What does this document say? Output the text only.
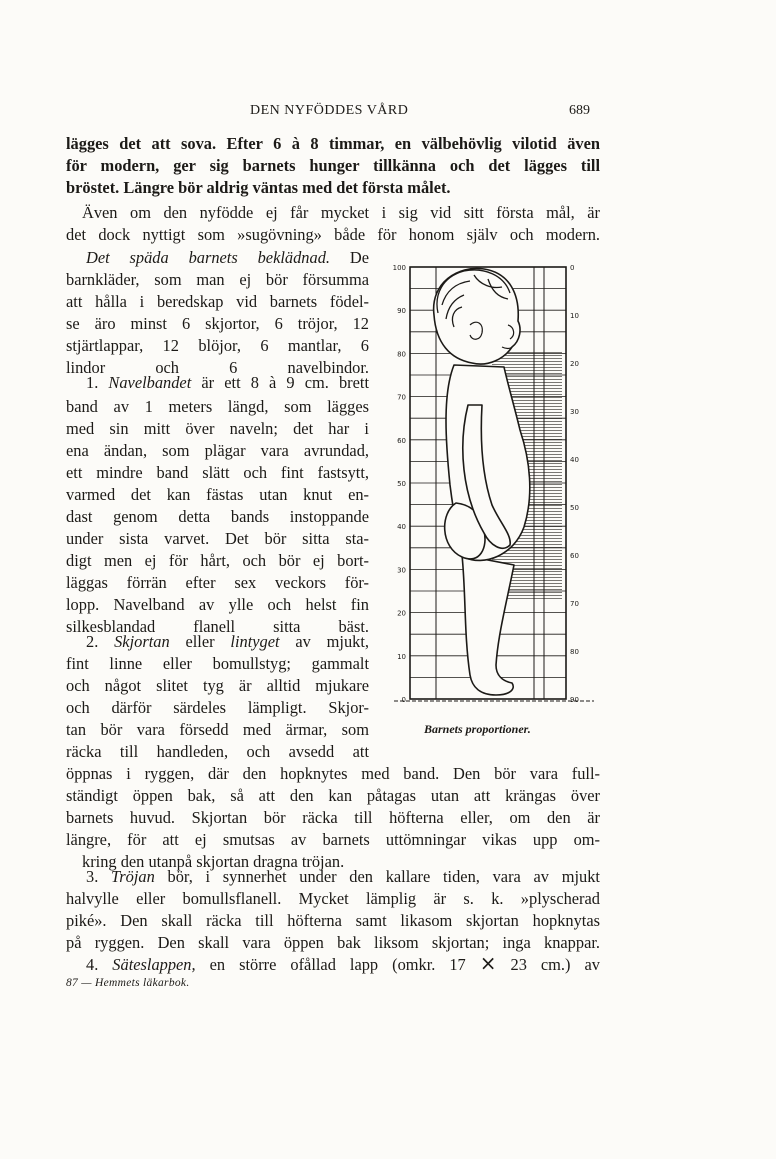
DEN NYFÖDDES VÅRD	689
lägges det att sova. Efter 6 à 8 timmar, en välbehövlig vilotid även
för modern, ger sig barnets hunger tillkänna och det lägges till
bröstet. Längre bör aldrig väntas med det första målet.
Även om den nyfödde ej får mycket i sig vid sitt första mål, är
det dock nyttigt som »sugövning» både för honom själv och modern.
Det späda barnets beklädnad. De
barnkläder, som man ej bör försumma
att hålla i beredskap vid barnets födel-
se äro minst 6 skjortor, 6 tröjor, 12
stjärtlappar, 12 blöjor, 6 mantlar, 6
lindor och 6 navelbindor.
1. Navelbandet är ett 8 à 9 cm. brett
band av 1 meters längd, som lägges
med sin mitt över naveln; det har i
ena ändan, som plägar vara avrundad,
ett mindre band slätt och fint fastsytt,
varmed det kan fästas utan knut en-
dast genom detta bands instoppande
under sista varvet. Det bör sitta sta-
digt men ej för hårt, och bör ej bort-
läggas förrän efter sex veckors för-
lopp. Navelband av ylle och helst fin
silkesblandad flanell sitta bäst.
2. Skjortan eller lintyget av mjukt,
fint linne eller bomullstyg; gammalt
och något slitet tyg är alltid mjukare
och därför särdeles lämpligt. Skjor-
tan bör vara försedd med ärmar, som
räcka till handleden, och avsedd att
öppnas i ryggen, där den hopknytes med band. Den bör vara full-
ständigt öppen bak, så att den kan påtagas utan att krängas över
barnets huvud. Skjortan bör räcka till höfterna eller, om den är
längre, för att ej smutsas av barnets uttömningar vikas upp om-
kring den utanpå skjortan dragna tröjan.
3. Tröjan bör, i synnerhet under den kallare tiden, vara av mjukt
halvylle eller bomullsflanell. Mycket lämplig är s. k. »plyscherad
piké». Den skall räcka till höfterna samt likasom skjortan hopknytas
på ryggen. Den skall vara öppen bak liksom skjortan; inga knappar.
4. Säteslappen, en större ofållad lapp (omkr. 17 × 23 cm.) av
87 — Hemmets läkarbok.
100
90
80
70
60
50
40
30
20
10
0
0
10
20
30
40
50
60
70
80
90
Barnets proportioner.
